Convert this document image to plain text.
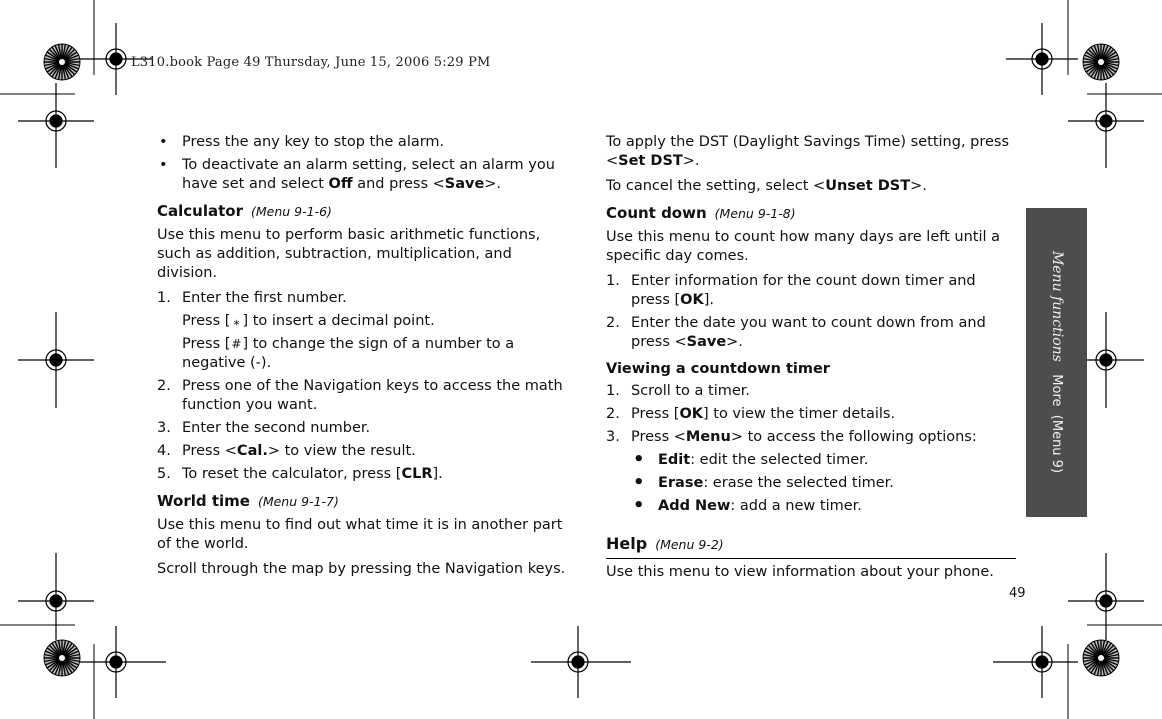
L310.book Page 49 Thursday, June 15, 2006 5:29 PM
• Press the any key to stop the alarm.
• To deactivate an alarm setting, select an alarm you have set and select Off and press <Save>.
Calculator (Menu 9-1-6)

Use this menu to perform basic arithmetic functions, such as addition, subtraction, multiplication, and division.

1. Enter the first number.
Press [ ⁎ ] to insert a decimal point.
Press [#] to change the sign of a number to a negative (-).
2. Press one of the Navigation keys to access the math function you want.
3. Enter the second number.
4. Press <Cal.> to view the result.
5. To reset the calculator, press [CLR].
World time (Menu 9-1-7)

Use this menu to find out what time it is in another part of the world.

Scroll through the map by pressing the Navigation keys.

To apply the DST (Daylight Savings Time) setting, press <Set DST>.

To cancel the setting, select <Unset DST>.

Count down (Menu 9-1-8)

Use this menu to count how many days are left until a specific day comes.

1. Enter information for the count down timer and press [OK].
2. Enter the date you want to count down from and press <Save>.
Viewing a countdown timer
1. Scroll to a timer.
2. Press [OK] to view the timer details.
3. Press <Menu> to access the following options:
• Edit: edit the selected timer.
• Erase: erase the selected timer.
• Add New: add a new timer.
Help (Menu 9-2)

Use this menu to view information about your phone.

Menu functions   More  (Menu 9)
49
